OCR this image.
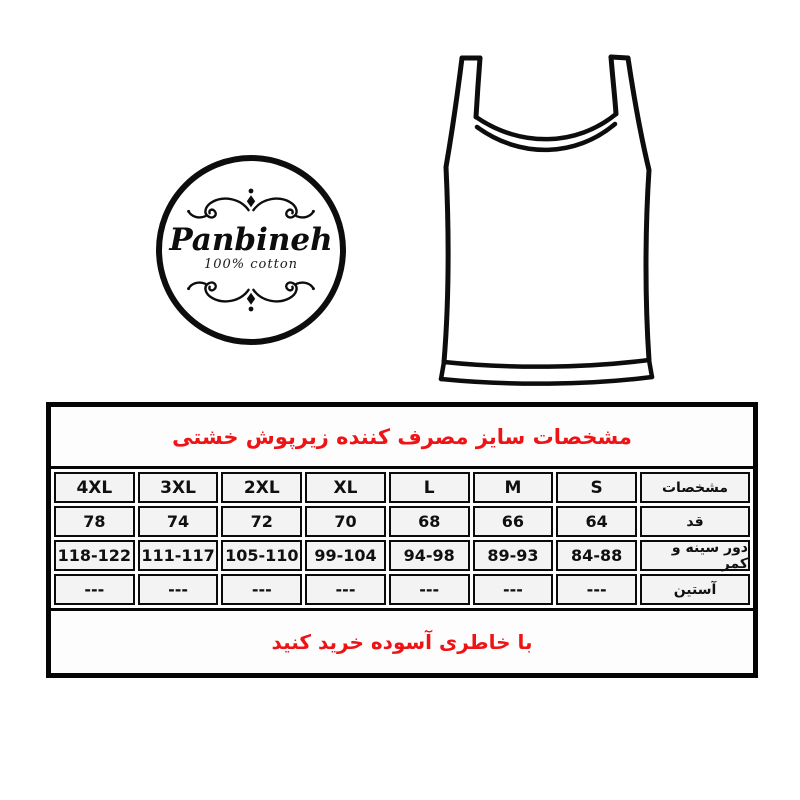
Panbineh
100% cotton
مشخصات سایز مصرف کننده زیرپوش خشتی
4XL	3XL	2XL	XL	L	M	S	مشخصات
78	74	72	70	68	66	64	قد
118-122 111-117 105-110 99-104	94-98	89-93	84-88	دور سینه و کمر
---	---	---	---	---	---	---	آستین
با خاطری آسوده خرید کنید
